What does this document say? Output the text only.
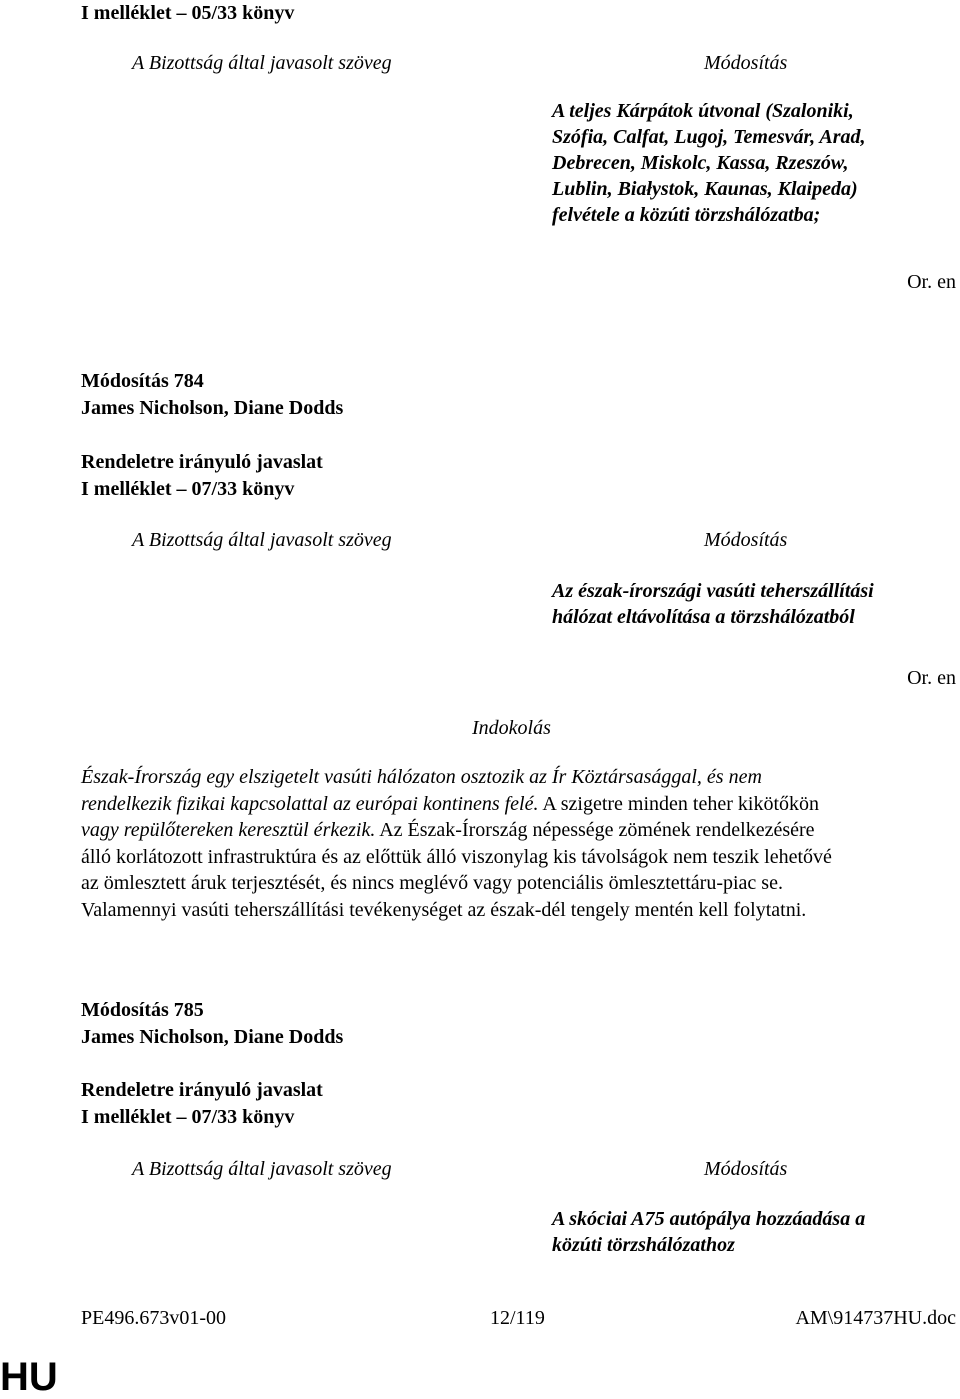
I melléklet – 05/33 könyv
A Bizottság által javasolt szöveg	Módosítás
A teljes Kárpátok útvonal (Szaloniki,
Szófia, Calfat, Lugoj, Temesvár, Arad,
Debrecen, Miskolc, Kassa, Rzeszów,
Lublin, Białystok, Kaunas, Klaipeda)
felvétele a közúti törzshálózatba;
Or. en
Módosítás 784
James Nicholson, Diane Dodds
Rendeletre irányuló javaslat
I melléklet – 07/33 könyv
A Bizottság által javasolt szöveg	Módosítás
Az észak-írországi vasúti teherszállítási
hálózat eltávolítása a törzshálózatból
Or. en
Indokolás
Észak-Írország egy elszigetelt vasúti hálózaton osztozik az Ír Köztársasággal, és nem
rendelkezik fizikai kapcsolattal az európai kontinens felé. A szigetre minden teher kikötőkön
vagy repülőtereken keresztül érkezik. Az Észak-Írország népessége zömének rendelkezésére
álló korlátozott infrastruktúra és az előttük álló viszonylag kis távolságok nem teszik lehetővé
az ömlesztett áruk terjesztését, és nincs meglévő vagy potenciális ömlesztettáru-piac se.
Valamennyi vasúti teherszállítási tevékenységet az észak-dél tengely mentén kell folytatni.
Módosítás 785
James Nicholson, Diane Dodds
Rendeletre irányuló javaslat
I melléklet – 07/33 könyv
A Bizottság által javasolt szöveg	Módosítás
A skóciai A75 autópálya hozzáadása a
közúti törzshálózathoz
PE496.673v01-00	12/119	AM\914737HU.doc
HU
